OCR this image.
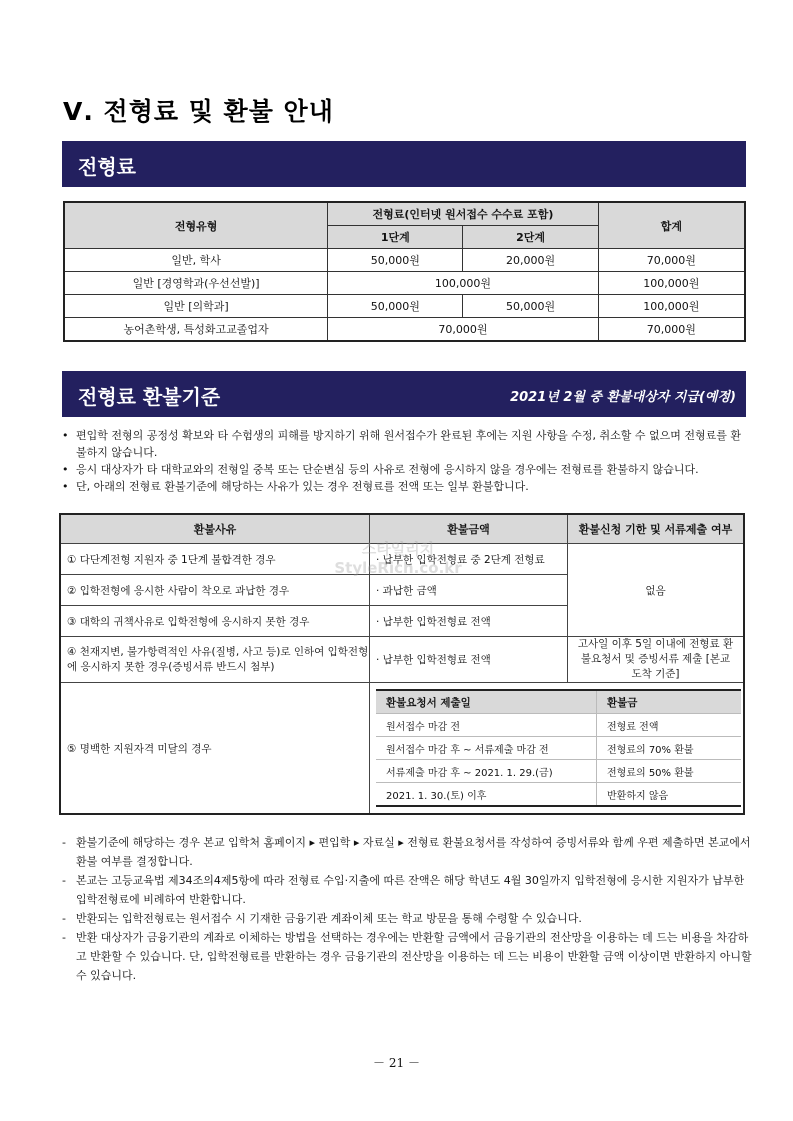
Ⅴ. 전형료 및 환불 안내
전형료
전형유형	전형료(인터넷 원서접수 수수료 포함)		합계
	1단계	2단계	
일반, 학사	50,000원	20,000원	70,000원
일반 [경영학과(우선선발)]	100,000원		100,000원
일반 [의학과]	50,000원	50,000원	100,000원
농어촌학생, 특성화고교졸업자	70,000원		70,000원
전형료 환불기준	2021년 2월 중 환불대상자 지급(예정)
• 편입학 전형의 공정성 확보와 타 수험생의 피해를 방지하기 위해 원서접수가 완료된 후에는 지원 사항을 수정, 취소할 수 없으며 전형료를 환불하지 않습니다.
• 응시 대상자가 타 대학교와의 전형일 중복 또는 단순변심 등의 사유로 전형에 응시하지 않을 경우에는 전형료를 환불하지 않습니다.
• 단, 아래의 전형료 환불기준에 해당하는 사유가 있는 경우 전형료를 전액 또는 일부 환불합니다.
환불사유	환불금액	환불신청 기한 및 서류제출 여부
① 다단계전형 지원자 중 1단계 불합격한 경우	· 납부한 입학전형료 중 2단계 전형료	없음
② 입학전형에 응시한 사람이 착오로 과납한 경우	· 과납한 금액
③ 대학의 귀책사유로 입학전형에 응시하지 못한 경우	· 납부한 입학전형료 전액
④ 천재지변, 불가항력적인 사유(질병, 사고 등)로 인하여 입학전형에 응시하지 못한 경우(증빙서류 반드시 첨부)	· 납부한 입학전형료 전액	고사일 이후 5일 이내에 전형료 환불요청서 및 증빙서류 제출 [본교 도착 기준]
⑤ 명백한 지원자격 미달의 경우	
환불요청서 제출일	환불금
원서접수 마감 전	전형료 전액
원서접수 마감 후 ~ 서류제출 마감 전	전형료의 70% 환불
서류제출 마감 후 ~ 2021. 1. 29.(금)	전형료의 50% 환불
2021. 1. 30.(토) 이후	반환하지 않음
스타일리치
StyleRich.co.kr
- 환불기준에 해당하는 경우 본교 입학처 홈페이지 ▸ 편입학 ▸ 자료실 ▸ 전형료 환불요청서를 작성하여 증빙서류와 함께 우편 제출하면 본교에서 환불 여부를 결정합니다.
- 본교는 고등교육법 제34조의4제5항에 따라 전형료 수입·지출에 따른 잔액은 해당 학년도 4월 30일까지 입학전형에 응시한 지원자가 납부한 입학전형료에 비례하여 반환합니다.
- 반환되는 입학전형료는 원서접수 시 기재한 금융기관 계좌이체 또는 학교 방문을 통해 수령할 수 있습니다.
- 반환 대상자가 금융기관의 계좌로 이체하는 방법을 선택하는 경우에는 반환할 금액에서 금융기관의 전산망을 이용하는 데 드는 비용을 차감하고 반환할 수 있습니다. 단, 입학전형료를 반환하는 경우 금융기관의 전산망을 이용하는 데 드는 비용이 반환할 금액 이상이면 반환하지 아니할 수 있습니다.
－ 21 －
